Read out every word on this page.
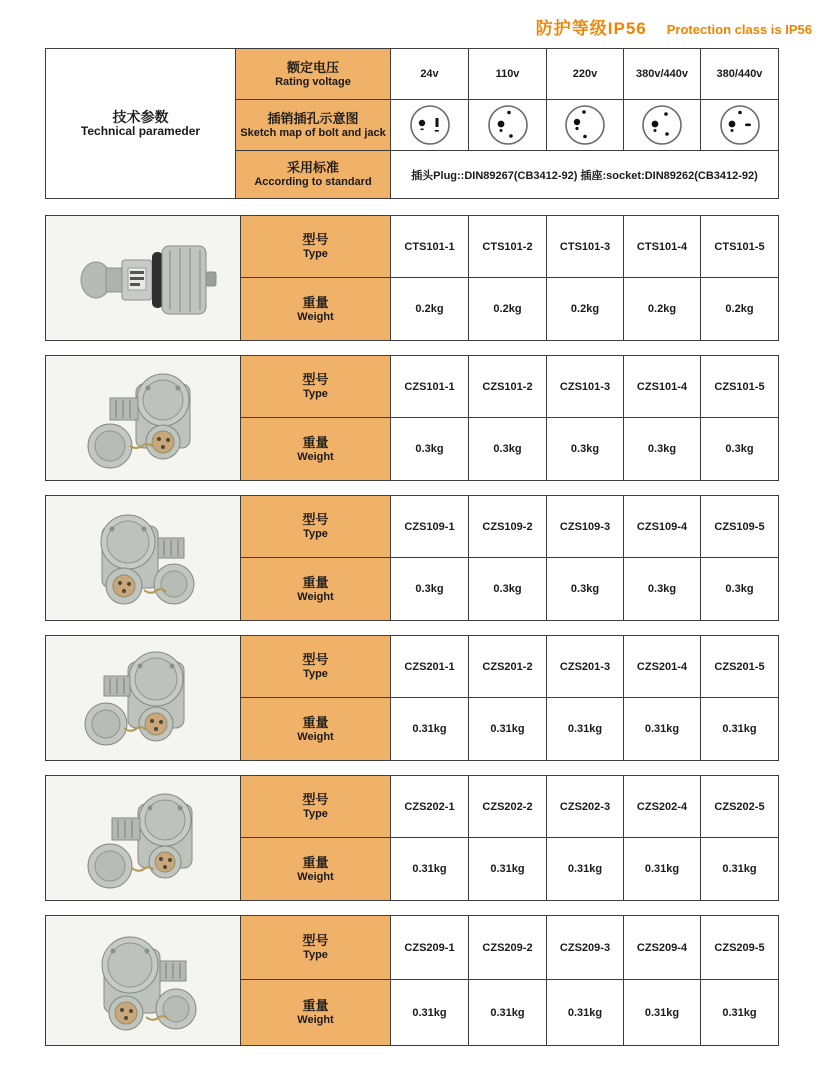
防护等级IP56 Protection class is IP56
技术参数
Technical parameder

额定电压
Rating voltage
	24v	110v	220v	380v/440v	380/440v

	插销插孔示意图
Sketch map of bolt and jack

	采用标准
According to standard	插头Plug::DIN89267(CB3412-92) 插座:socket:DIN89262(CB3412-92)				

型号
Type	CTS101-1	CTS101-2	CTS101-3	CTS101-4	CTS101-5

	重量
Weight	0.2kg	0.2kg	0.2kg	0.2kg	0.2kg

型号
Type	CZS101-1	CZS101-2	CZS101-3	CZS101-4	CZS101-5

	重量
Weight	0.3kg	0.3kg	0.3kg	0.3kg	0.3kg

型号
Type	CZS109-1	CZS109-2	CZS109-3	CZS109-4	CZS109-5

	重量
Weight	0.3kg	0.3kg	0.3kg	0.3kg	0.3kg

型号
Type	CZS201-1	CZS201-2	CZS201-3	CZS201-4	CZS201-5

	重量
Weight	0.31kg	0.31kg	0.31kg	0.31kg	0.31kg

型号
Type	CZS202-1	CZS202-2	CZS202-3	CZS202-4	CZS202-5

	重量
Weight	0.31kg	0.31kg	0.31kg	0.31kg	0.31kg

型号
Type	CZS209-1	CZS209-2	CZS209-3	CZS209-4	CZS209-5

	重量
Weight	0.31kg	0.31kg	0.31kg	0.31kg	0.31kg
